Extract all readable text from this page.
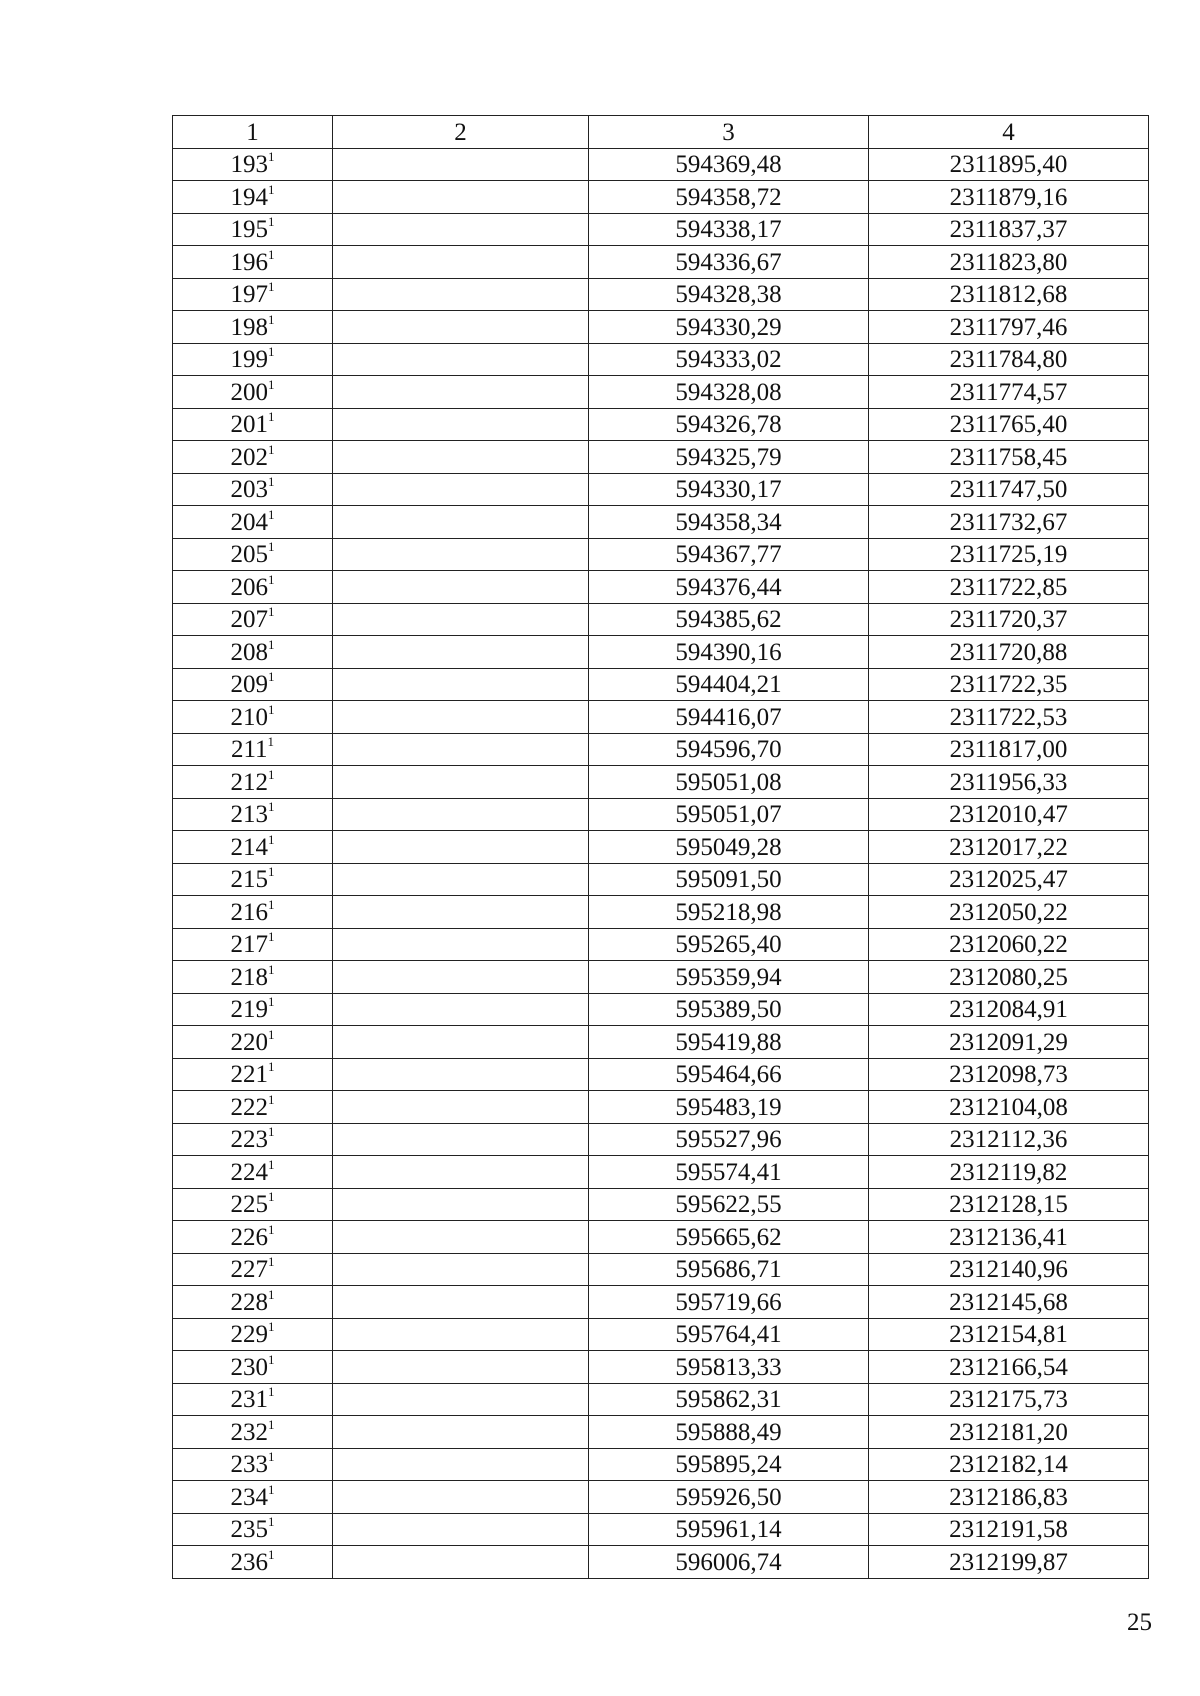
1	2	3	4
$193^1$		594369,48	2311895,40
$194^1$		594358,72	2311879,16
$195^1$		594338,17	2311837,37
$196^1$		594336,67	2311823,80
$197^1$		594328,38	2311812,68
$198^1$		594330,29	2311797,46
$199^1$		594333,02	2311784,80
$200^1$		594328,08	2311774,57
$201^1$		594326,78	2311765,40
$202^1$		594325,79	2311758,45
$203^1$		594330,17	2311747,50
$204^1$		594358,34	2311732,67
$205^1$		594367,77	2311725,19
$206^1$		594376,44	2311722,85
$207^1$		594385,62	2311720,37
$208^1$		594390,16	2311720,88
$209^1$		594404,21	2311722,35
$210^1$		594416,07	2311722,53
$211^1$		594596,70	2311817,00
$212^1$		595051,08	2311956,33
$213^1$		595051,07	2312010,47
$214^1$		595049,28	2312017,22
$215^1$		595091,50	2312025,47
$216^1$		595218,98	2312050,22
$217^1$		595265,40	2312060,22
$218^1$		595359,94	2312080,25
$219^1$		595389,50	2312084,91
$220^1$		595419,88	2312091,29
$221^1$		595464,66	2312098,73
$222^1$		595483,19	2312104,08
$223^1$		595527,96	2312112,36
$224^1$		595574,41	2312119,82
$225^1$		595622,55	2312128,15
$226^1$		595665,62	2312136,41
$227^1$		595686,71	2312140,96
$228^1$		595719,66	2312145,68
$229^1$		595764,41	2312154,81
$230^1$		595813,33	2312166,54
$231^1$		595862,31	2312175,73
$232^1$		595888,49	2312181,20
$233^1$		595895,24	2312182,14
$234^1$		595926,50	2312186,83
$235^1$		595961,14	2312191,58
$236^1$		596006,74	2312199,87
25
